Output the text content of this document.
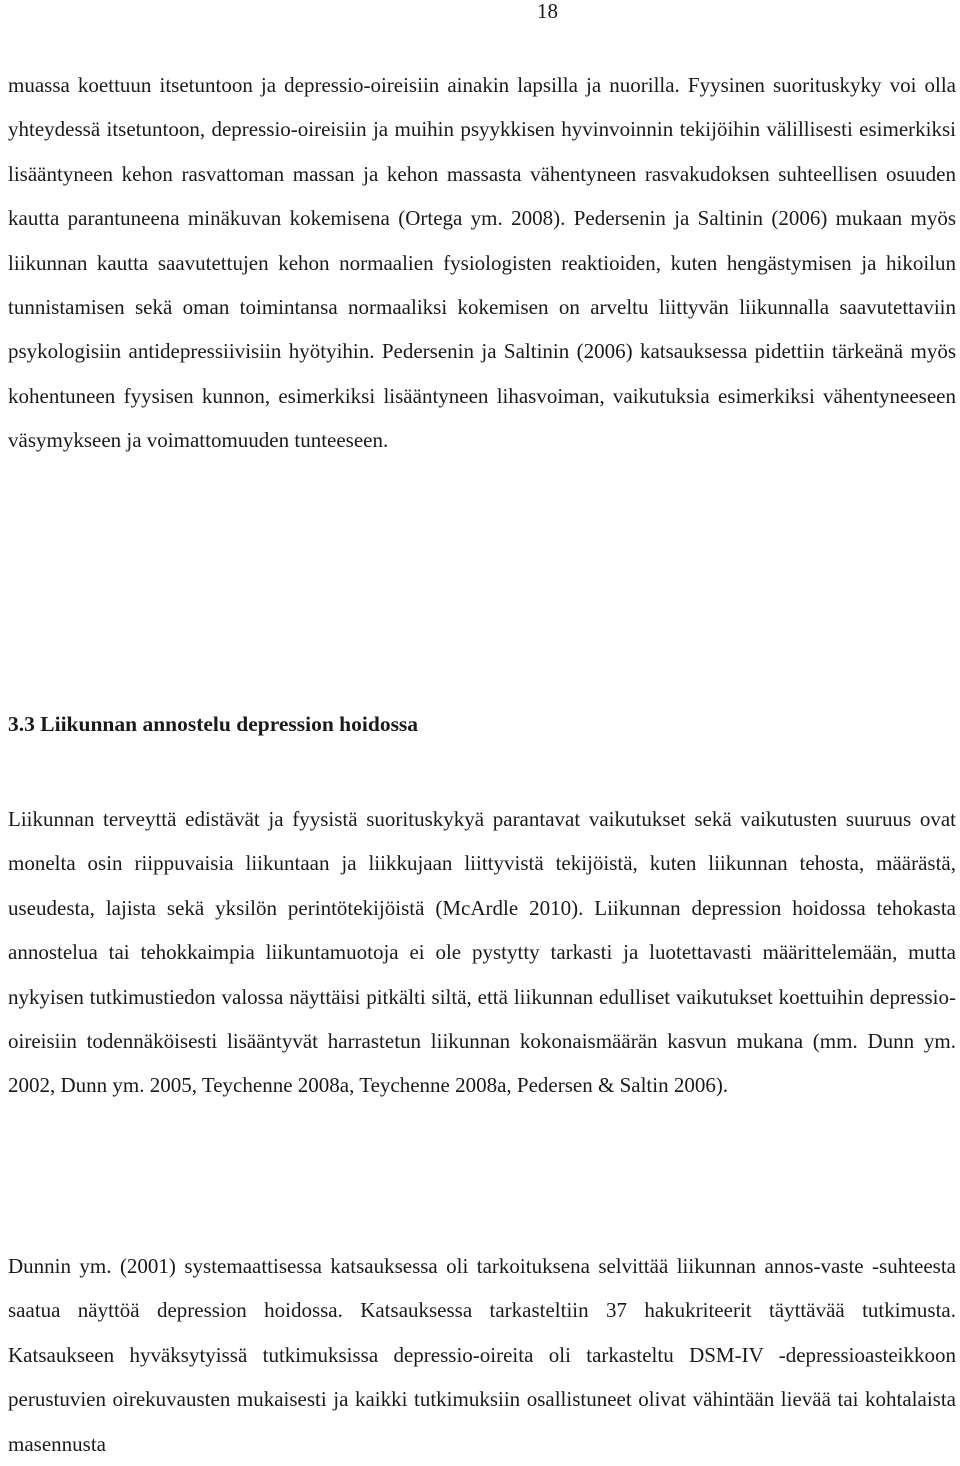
18

muassa koettuun itsetuntoon ja depressio-oireisiin ainakin lapsilla ja nuorilla. Fyysinen suorituskyky voi olla yhteydessä itsetuntoon, depressio-oireisiin ja muihin psyykkisen hyvinvoinnin tekijöihin välillisesti esimerkiksi lisääntyneen kehon rasvattoman massan ja kehon massasta vähentyneen rasvakudoksen suhteellisen osuuden kautta parantuneena minäkuvan kokemisena (Ortega ym. 2008). Pedersenin ja Saltinin (2006) mukaan myös liikunnan kautta saavutettujen kehon normaalien fysiologisten reaktioiden, kuten hengästymisen ja hikoilun tunnistamisen sekä oman toimintansa normaaliksi kokemisen on arveltu liittyvän liikunnalla saavutettaviin psykologisiin antidepressiivisiin hyötyihin. Pedersenin ja Saltinin (2006) katsauksessa pidettiin tärkeänä myös kohentuneen fyysisen kunnon, esimerkiksi lisääntyneen lihasvoiman, vaikutuksia esimerkiksi vähentyneeseen väsymykseen ja voimattomuuden tunteeseen.

3.3 Liikunnan annostelu depression hoidossa

Liikunnan terveyttä edistävät ja fyysistä suorituskykyä parantavat vaikutukset sekä vaikutusten suuruus ovat monelta osin riippuvaisia liikuntaan ja liikkujaan liittyvistä tekijöistä, kuten liikunnan tehosta, määrästä, useudesta, lajista sekä yksilön perintötekijöistä (McArdle 2010). Liikunnan depression hoidossa tehokasta annostelua tai tehokkaimpia liikuntamuotoja ei ole pystytty tarkasti ja luotettavasti määrittelemään, mutta nykyisen tutkimustiedon valossa näyttäisi pitkälti siltä, että liikunnan edulliset vaikutukset koettuihin depressio-oireisiin todennäköisesti lisääntyvät harrastetun liikunnan kokonaismäärän kasvun mukana (mm. Dunn ym. 2002, Dunn ym. 2005, Teychenne 2008a, Teychenne 2008a, Pedersen & Saltin 2006).

Dunnin ym. (2001) systemaattisessa katsauksessa oli tarkoituksena selvittää liikunnan annos-vaste -suhteesta saatua näyttöä depression hoidossa. Katsauksessa tarkasteltiin 37 hakukriteerit täyttävää tutkimusta. Katsaukseen hyväksytyissä tutkimuksissa depressio-oireita oli tarkasteltu DSM-IV -depressioasteikkoon perustuvien oirekuvausten mukaisesti ja kaikki tutkimuksiin osallistuneet olivat vähintään lievää tai kohtalaista masennusta
